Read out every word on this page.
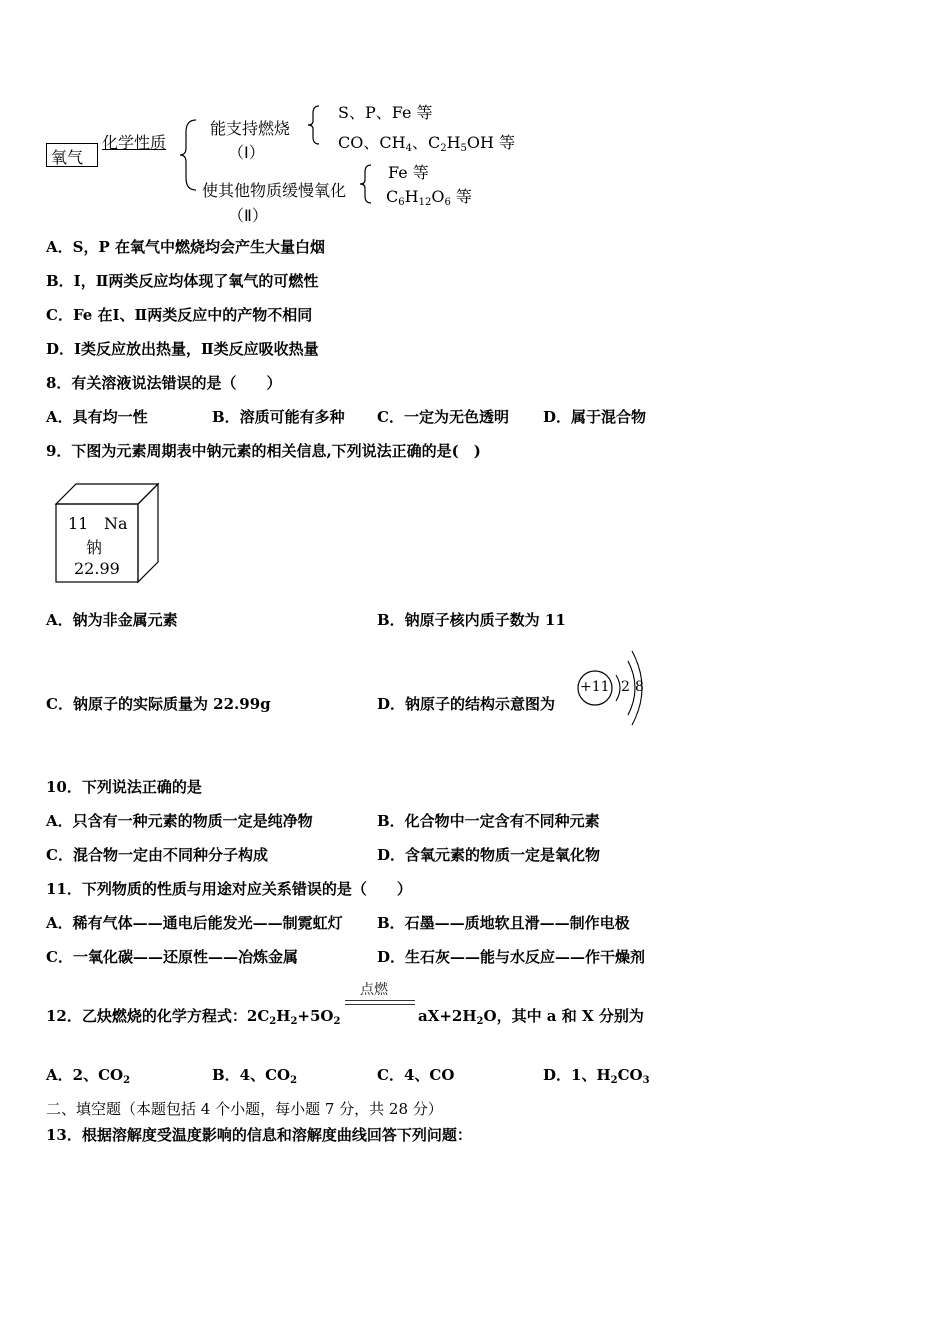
氧气
化学性质
能支持燃烧
（Ⅰ）
S、P、Fe 等
CO、$CH_4$、$C_2H_5OH$ 等
使其他物质缓慢氧化
（Ⅱ）
Fe 等
$C_6H_{12}O_6$ 等
A．S，P 在氧气中燃烧均会产生大量白烟
B．Ⅰ，Ⅱ两类反应均体现了氧气的可燃性
C．Fe 在Ⅰ、Ⅱ两类反应中的产物不相同
D．Ⅰ类反应放出热量，Ⅱ类反应吸收热量
8．有关溶液说法错误的是（　　）
A．具有均一性	B．溶质可能有多种 C．一定为无色透明 D．属于混合物
9．下图为元素周期表中钠元素的相关信息,下列说法正确的是(　)
11 Na
钠
22.99
A．钠为非金属元素	B．钠原子核内质子数为 11
C．钠原子的实际质量为 22.99g	D．钠原子的结构示意图为
+11 2 8
10．下列说法正确的是
A．只含有一种元素的物质一定是纯净物	B．化合物中一定含有不同种元素
C．混合物一定由不同种分子构成	D．含氧元素的物质一定是氧化物
11．下列物质的性质与用途对应关系错误的是（　　）
A．稀有气体——通电后能发光——制霓虹灯 B．石墨——质地软且滑——制作电极
C．一氧化碳——还原性——冶炼金属	D．生石灰——能与水反应——作干燥剂
12．乙炔燃烧的化学方程式：$2C_2H_2+5O_2$
点燃
$aX+2H_2O$，其中 a 和 X 分别为
A．2、$CO_2$	B．4、$CO_2$	C．4、CO	D．1、$H_2CO_3$
二、填空题（本题包括 4 个小题，每小题 7 分，共 28 分）
13．根据溶解度受温度影响的信息和溶解度曲线回答下列问题：
